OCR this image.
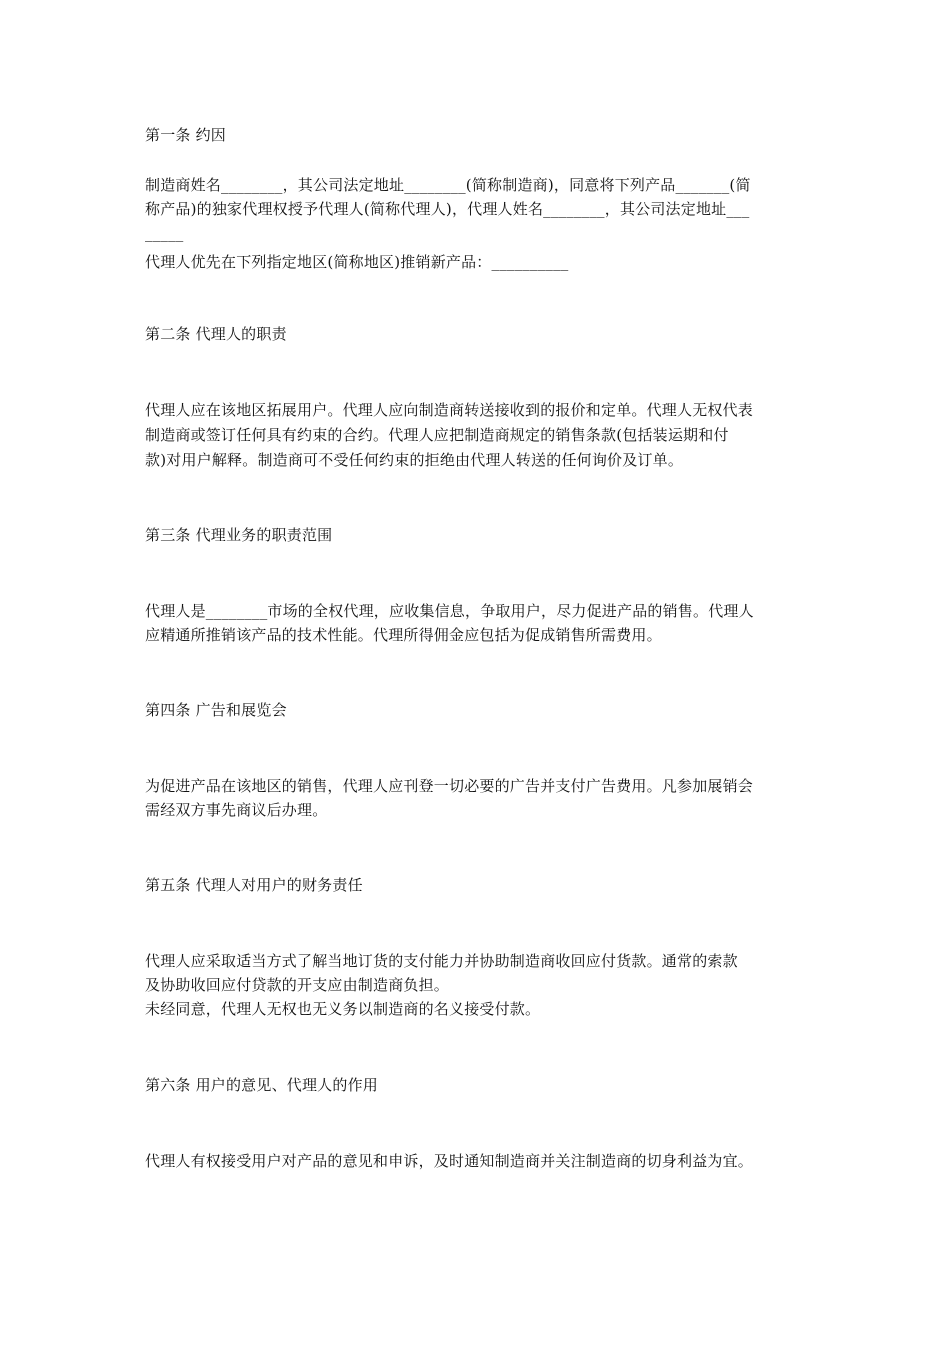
第一条 约因
制造商姓名________，其公司法定地址________(简称制造商)，同意将下列产品_______(简
称产品)的独家代理权授予代理人(简称代理人)，代理人姓名________，其公司法定地址___
_____
代理人优先在下列指定地区(简称地区)推销新产品：__________
第二条 代理人的职责
代理人应在该地区拓展用户。代理人应向制造商转送接收到的报价和定单。代理人无权代表
制造商或签订任何具有约束的合约。代理人应把制造商规定的销售条款(包括装运期和付
款)对用户解释。制造商可不受任何约束的拒绝由代理人转送的任何询价及订单。
第三条 代理业务的职责范围
代理人是________市场的全权代理，应收集信息，争取用户，尽力促进产品的销售。代理人
应精通所推销该产品的技术性能。代理所得佣金应包括为促成销售所需费用。
第四条 广告和展览会
为促进产品在该地区的销售，代理人应刊登一切必要的广告并支付广告费用。凡参加展销会
需经双方事先商议后办理。
第五条 代理人对用户的财务责任
代理人应采取适当方式了解当地订货的支付能力并协助制造商收回应付货款。通常的索款
及协助收回应付贷款的开支应由制造商负担。
未经同意，代理人无权也无义务以制造商的名义接受付款。
第六条 用户的意见、代理人的作用
代理人有权接受用户对产品的意见和申诉，及时通知制造商并关注制造商的切身利益为宜。
